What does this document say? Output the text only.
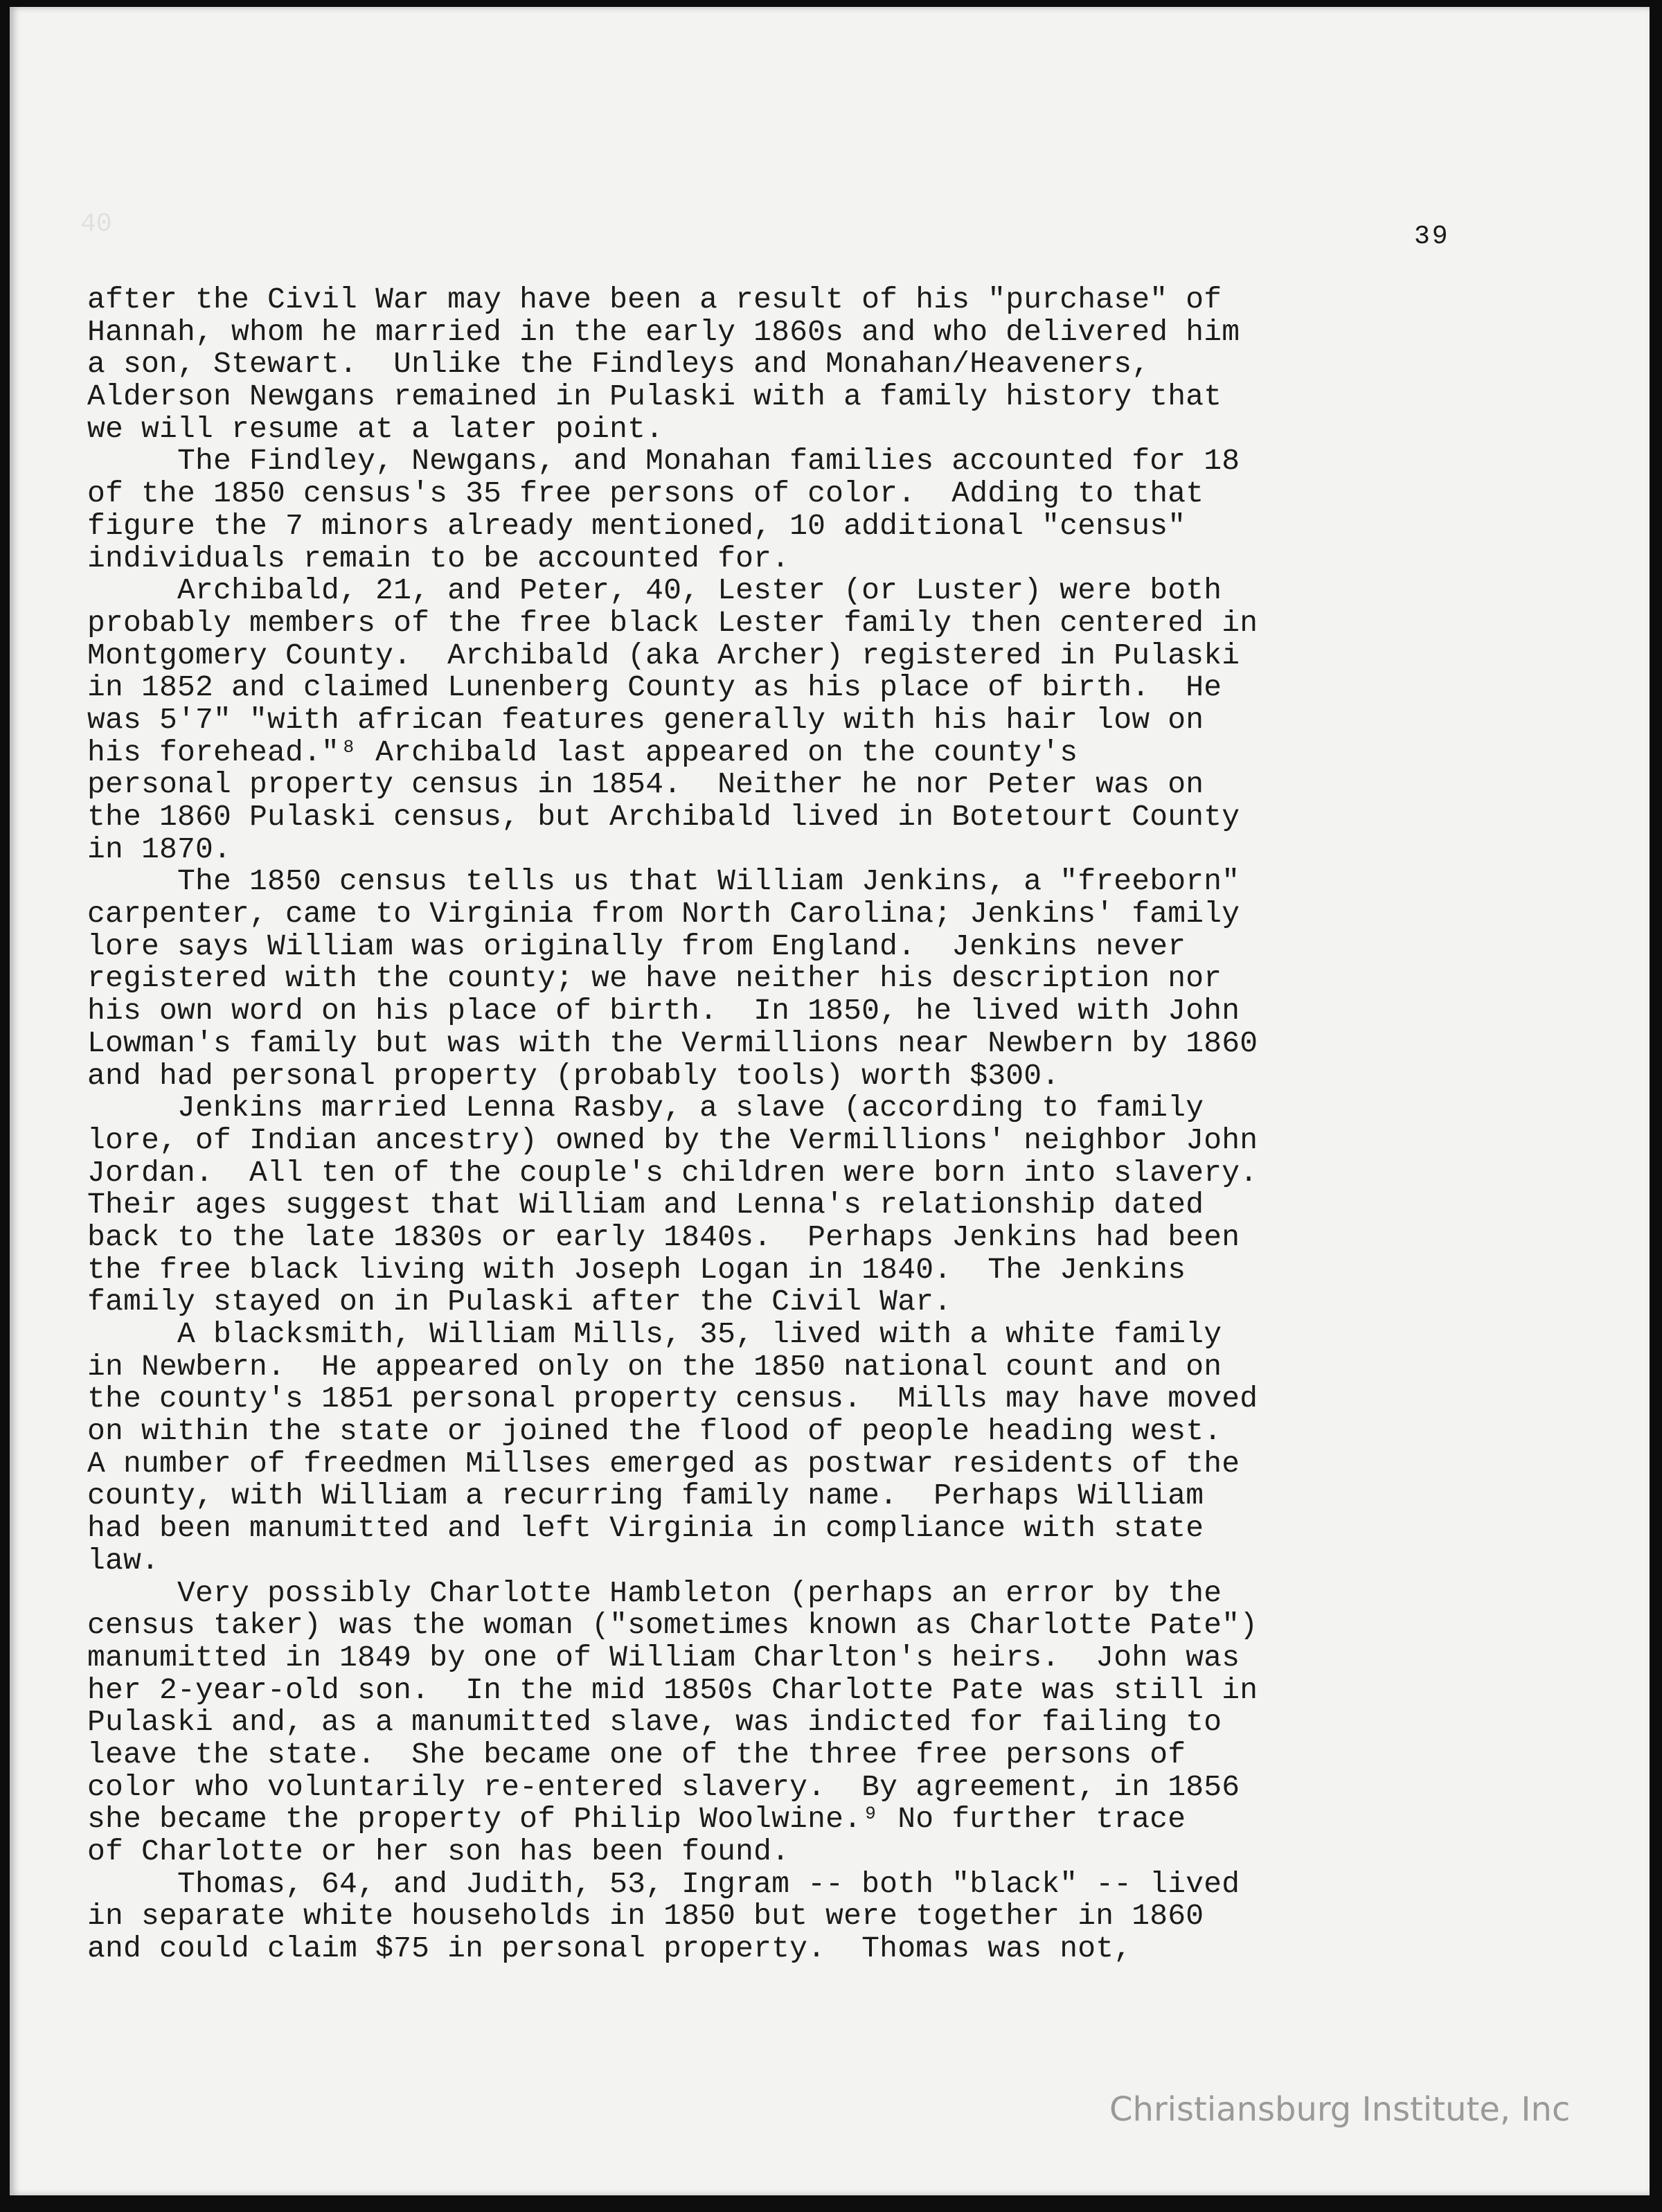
40	39
after the Civil War may have been a result of his "purchase" of
Hannah, whom he married in the early 1860s and who delivered him
a son, Stewart.  Unlike the Findleys and Monahan/Heaveners,
Alderson Newgans remained in Pulaski with a family history that
we will resume at a later point.
The Findley, Newgans, and Monahan families accounted for 18
of the 1850 census's 35 free persons of color.  Adding to that
figure the 7 minors already mentioned, 10 additional "census"
individuals remain to be accounted for.
Archibald, 21, and Peter, 40, Lester (or Luster) were both
probably members of the free black Lester family then centered in
Montgomery County.  Archibald (aka Archer) registered in Pulaski
in 1852 and claimed Lunenberg County as his place of birth.  He
was 5'7" "with african features generally with his hair low on
his forehead."⁸ Archibald last appeared on the county's
personal property census in 1854.  Neither he nor Peter was on
the 1860 Pulaski census, but Archibald lived in Botetourt County
in 1870.
The 1850 census tells us that William Jenkins, a "freeborn"
carpenter, came to Virginia from North Carolina; Jenkins' family
lore says William was originally from England.  Jenkins never
registered with the county; we have neither his description nor
his own word on his place of birth.  In 1850, he lived with John
Lowman's family but was with the Vermillions near Newbern by 1860
and had personal property (probably tools) worth $300.
Jenkins married Lenna Rasby, a slave (according to family
lore, of Indian ancestry) owned by the Vermillions' neighbor John
Jordan.  All ten of the couple's children were born into slavery.
Their ages suggest that William and Lenna's relationship dated
back to the late 1830s or early 1840s.  Perhaps Jenkins had been
the free black living with Joseph Logan in 1840.  The Jenkins
family stayed on in Pulaski after the Civil War.
A blacksmith, William Mills, 35, lived with a white family
in Newbern.  He appeared only on the 1850 national count and on
the county's 1851 personal property census.  Mills may have moved
on within the state or joined the flood of people heading west.
A number of freedmen Millses emerged as postwar residents of the
county, with William a recurring family name.  Perhaps William
had been manumitted and left Virginia in compliance with state
law.
Very possibly Charlotte Hambleton (perhaps an error by the
census taker) was the woman ("sometimes known as Charlotte Pate")
manumitted in 1849 by one of William Charlton's heirs.  John was
her 2-year-old son.  In the mid 1850s Charlotte Pate was still in
Pulaski and, as a manumitted slave, was indicted for failing to
leave the state.  She became one of the three free persons of
color who voluntarily re-entered slavery.  By agreement, in 1856
she became the property of Philip Woolwine.⁹ No further trace
of Charlotte or her son has been found.
Thomas, 64, and Judith, 53, Ingram -- both "black" -- lived
in separate white households in 1850 but were together in 1860
and could claim $75 in personal property.  Thomas was not,
Christiansburg Institute, Inc
